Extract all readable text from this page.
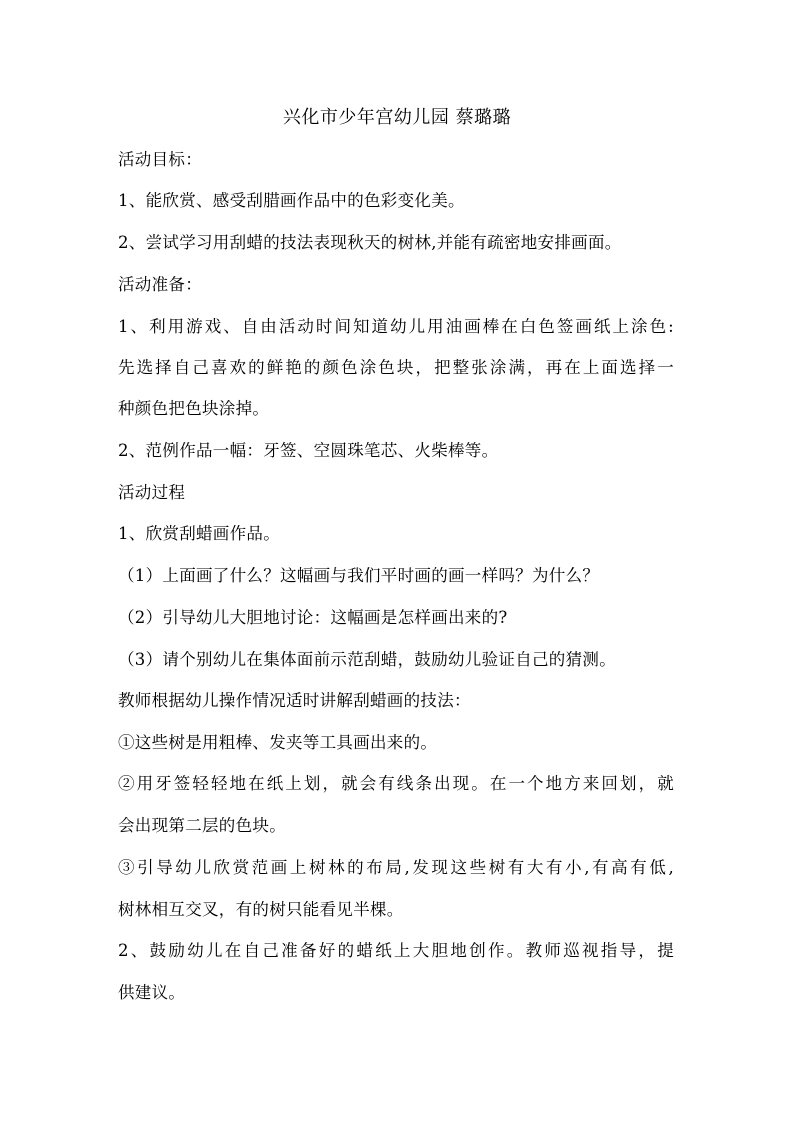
兴化市少年宫幼儿园 蔡璐璐
活动目标：
1、能欣赏、感受刮腊画作品中的色彩变化美。
2、尝试学习用刮蜡的技法表现秋天的树林,并能有疏密地安排画面。
活动准备：
1、利用游戏、自由活动时间知道幼儿用油画棒在白色签画纸上涂色:
先选择自己喜欢的鲜艳的颜色涂色块，把整张涂满，再在上面选择一
种颜色把色块涂掉。
2、范例作品一幅：牙签、空圆珠笔芯、火柴棒等。
活动过程
1、欣赏刮蜡画作品。
（1）上面画了什么？这幅画与我们平时画的画一样吗？为什么？
（2）引导幼儿大胆地讨论：这幅画是怎样画出来的?
（3）请个别幼儿在集体面前示范刮蜡，鼓励幼儿验证自己的猜测。
教师根据幼儿操作情况适时讲解刮蜡画的技法：
①这些树是用粗棒、发夹等工具画出来的。
②用牙签轻轻地在纸上划，就会有线条出现。在一个地方来回划，就
会出现第二层的色块。
③引导幼儿欣赏范画上树林的布局,发现这些树有大有小,有高有低,
树林相互交叉，有的树只能看见半棵。
2、鼓励幼儿在自己准备好的蜡纸上大胆地创作。教师巡视指导，提
供建议。
